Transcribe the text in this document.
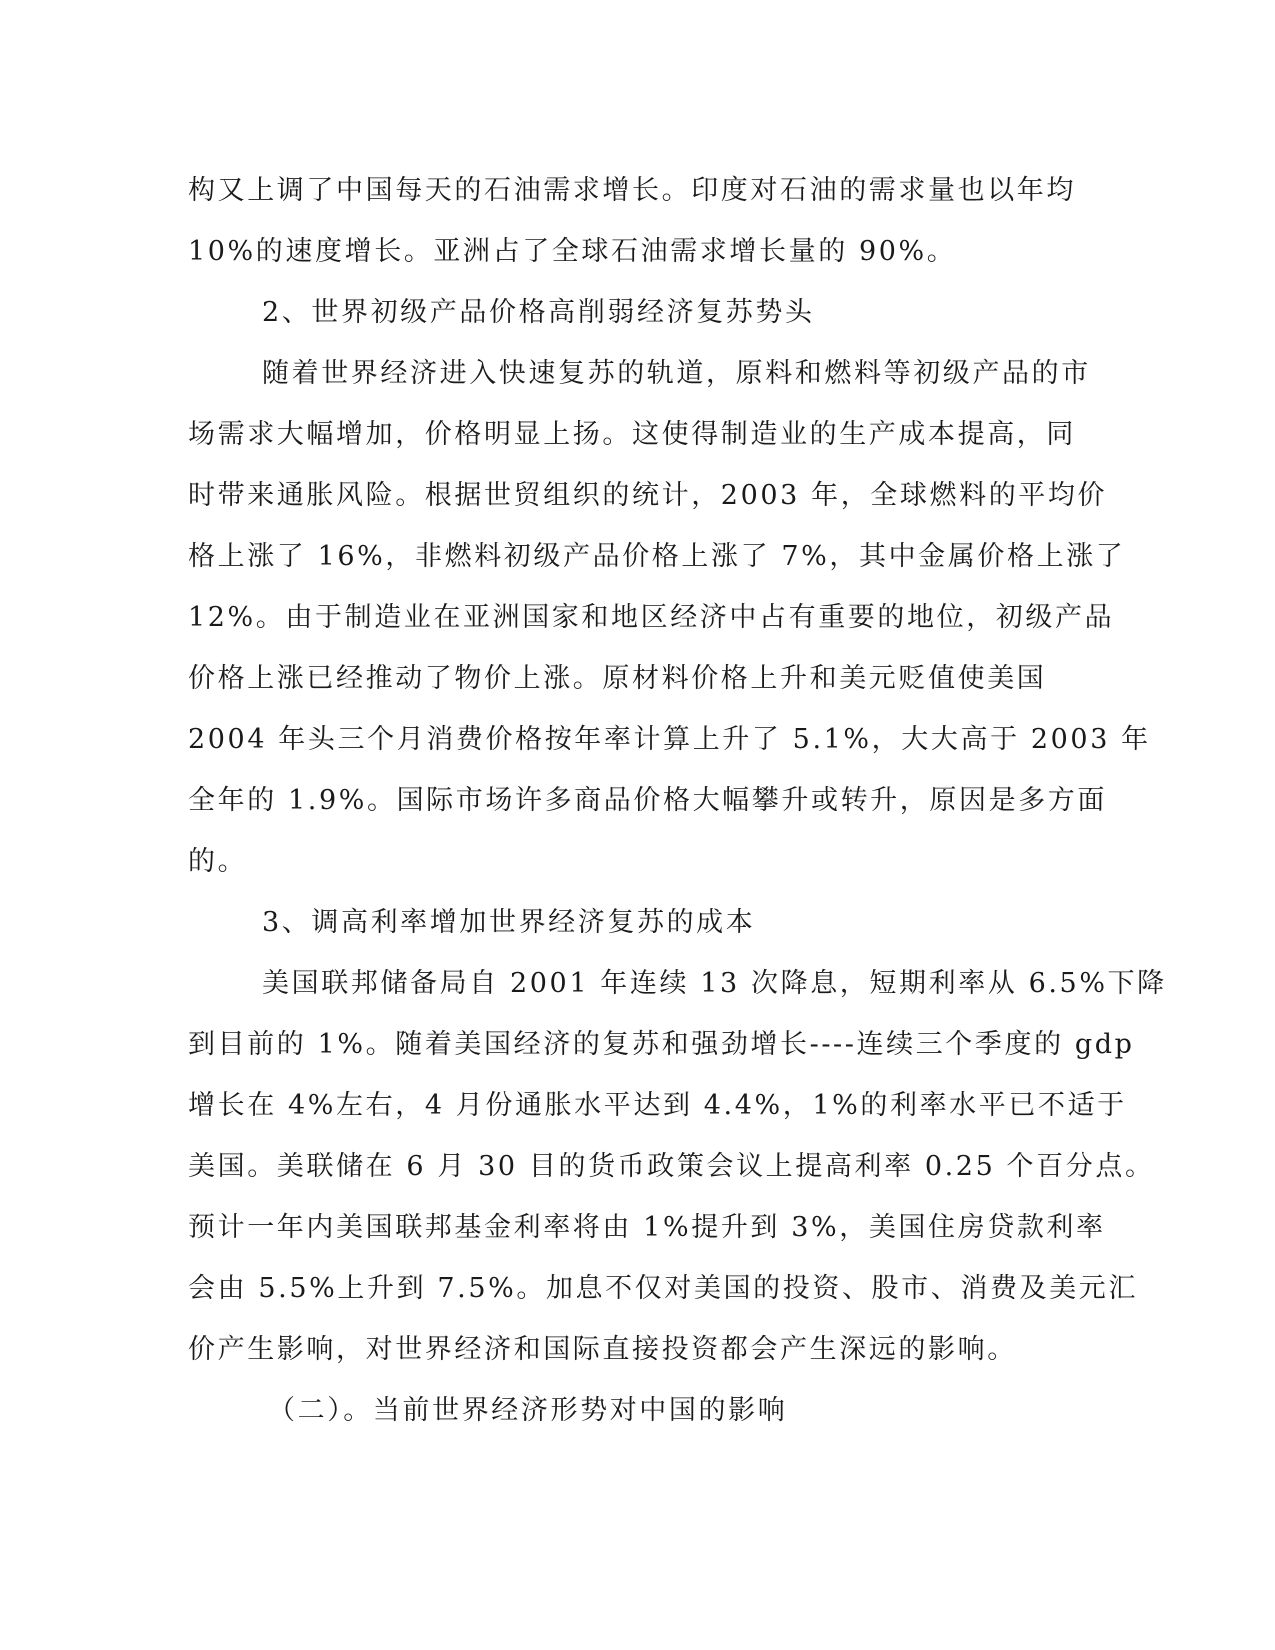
构又上调了中国每天的石油需求增长。印度对石油的需求量也以年均
10%的速度增长。亚洲占了全球石油需求增长量的 90%。
2、世界初级产品价格高削弱经济复苏势头
随着世界经济进入快速复苏的轨道，原料和燃料等初级产品的市
场需求大幅增加，价格明显上扬。这使得制造业的生产成本提高，同
时带来通胀风险。根据世贸组织的统计，2003 年，全球燃料的平均价
格上涨了 16%，非燃料初级产品价格上涨了 7%，其中金属价格上涨了
12%。由于制造业在亚洲国家和地区经济中占有重要的地位，初级产品
价格上涨已经推动了物价上涨。原材料价格上升和美元贬值使美国
2004 年头三个月消费价格按年率计算上升了 5.1%，大大高于 2003 年
全年的 1.9%。国际市场许多商品价格大幅攀升或转升，原因是多方面
的。
3、调高利率增加世界经济复苏的成本
美国联邦储备局自 2001 年连续 13 次降息，短期利率从 6.5%下降
到目前的 1%。随着美国经济的复苏和强劲增长----连续三个季度的 gdp
增长在 4%左右，4 月份通胀水平达到 4.4%，1%的利率水平已不适于
美国。美联储在 6 月 30 目的货币政策会议上提高利率 0.25 个百分点。
预计一年内美国联邦基金利率将由 1%提升到 3%，美国住房贷款利率
会由 5.5%上升到 7.5%。加息不仅对美国的投资、股市、消费及美元汇
价产生影响，对世界经济和国际直接投资都会产生深远的影响。
（二）。当前世界经济形势对中国的影响
